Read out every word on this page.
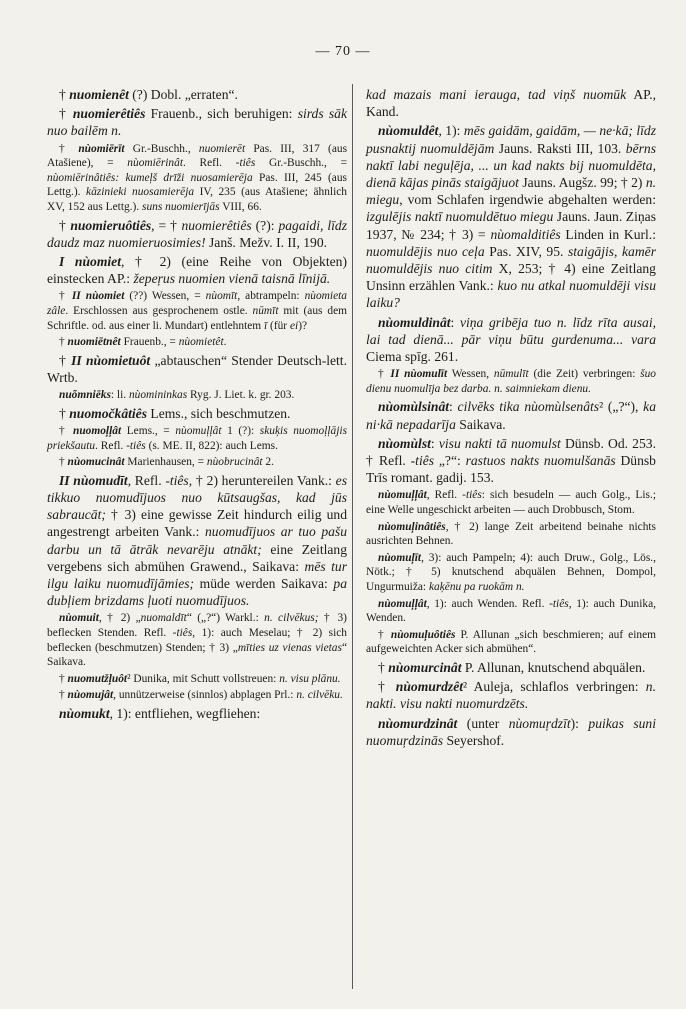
— 70 —

† nuomienêt (?) Dobl. „erraten“.

† nuomierêtiês Frauenb., sich beruhigen: sirds sāk nuo bailēm n.

† nùomiērīt Gr.-Buschh., nuomierēt Pas. III, 317 (aus Atašiene), = nùomiērinât. Refl. -tiês Gr.-Buschh., = nùomiērinâtiês: kumeļš drīži nuosamierēja Pas. III, 245 (aus Lettg.). kāzinieki nuosamierēja IV, 235 (aus Atašiene; ähnlich XV, 152 aus Lettg.). suns nuomierījās VIII, 66.

† nuomieruôtiês, = † nuomierêtiês (?): pagaidi, līdz daudz maz nuomieruosimies! Janš. Mežv. I. II, 190.

I nùomiet, † 2) (eine Reihe von Objekten) einstecken AP.: žepeŗus nuomien vienā taisnā līnijā.

† II nùomiet (??) Wessen, = nùomīt, abtrampeln: nùomieta zâle. Erschlossen aus gesprochenem ostle. nūmīt mit (aus dem Schriftle. od. aus einer li. Mundart) entlehntem ī (für ei)?

† nuomiētnêt Frauenb., = nùomietêt.

† II nùomietuôt „abtauschen“ Stender Deutsch-lett. Wrtb.

nuõmniēks: li. nùomininkas Ryg. J. Liet. k. gr. 203.

† nuomočkâtiês Lems., sich beschmutzen.

† nuomoļļât Lems., = nùomuļļât 1 (?): skuķis nuomoļļājis priekšautu. Refl. -tiês (s. ME. II, 822): auch Lems.

† nùomucinât Marienhausen, = nùobrucinât 2.

II nùomudīt, Refl. -tiês, † 2) heruntereilen Vank.: es tikkuo nuomudījuos nuo kūtsaugšas, kad jūs sabraucāt; † 3) eine gewisse Zeit hindurch eilig und angestrengt arbeiten Vank.: nuomudījuos ar tuo pašu darbu un tā ātrāk nevarēju atnākt; eine Zeitlang vergebens sich abmühen Grawend., Saikava: mēs tur ilgu laiku nuomudījāmies; müde werden Saikava: pa dubļiem brizdams ļuoti nuomudījuos.

nùomuit, † 2) „nuomaldīt“ („?“) Warkl.: n. cilvēkus; † 3) beflecken Stenden. Refl. -tiês, 1): auch Meselau; † 2) sich beflecken (beschmutzen) Stenden; † 3) „mīties uz vienas vietas“ Saikava.

† nuomutžļuôt² Dunika, mit Schutt vollstreuen: n. visu plānu.

† nùomujât, unnützerweise (sinnlos) abplagen Prl.: n. cilvēku.

nùomukt, 1): entfliehen, wegfliehen:

kad mazais mani ierauga, tad viņš nuomūk AP., Kand.

nùomuldêt, 1): mēs gaidām, gaidām, — ne·kā; līdz pusnaktij nuomuldējām Jauns. Raksti III, 103. bērns naktī labi neguļēja, ... un kad nakts bij nuomuldēta, dienā kājas pinās staigājuot Jauns. Augšz. 99; † 2) n. miegu, vom Schlafen irgendwie abgehalten werden: izgulējis naktī nuomuldētuo miegu Jauns. Jaun. Ziņas 1937, № 234; † 3) = nùomalditiês Linden in Kurl.: nuomuldējis nuo ceļa Pas. XIV, 95. staigājis, kamēr nuomuldējis nuo citim X, 253; † 4) eine Zeitlang Unsinn erzählen Vank.: kuo nu atkal nuomuldēji visu laiku?

nùomuldinât: viņa gribēja tuo n. līdz rīta ausai, lai tad dienā... pār viņu būtu gurdenuma... vara Ciema spīg. 261.

† II nùomulīt Wessen, nūmulīt (die Zeit) verbringen: šuo dienu nuomulīja bez darba. n. saimniekam dienu.

nùomùlsinât: cilvēks tika nùomùlsenâts² („?“), ka ni·kā nepadarīja Saikava.

nùomùlst: visu nakti tā nuomulst Dünsb. Od. 253. † Refl. -tiês „?“: rastuos nakts nuomulšanās Dünsb Trīs romant. gadij. 153.

nùomuļļât, Refl. -tiês: sich besudeln — auch Golg., Lis.; eine Welle ungeschickt arbeiten — auch Drobbusch, Stom.

nùomuļinâtiês, † 2) lange Zeit arbeitend beinahe nichts ausrichten Behnen.

nùomuļīt, 3): auch Pampeln; 4): auch Druw., Golg., Lös., Nötk.; † 5) knutschend abquälen Behnen, Dompol, Ungurmuiža: kaķēnu pa ruokām n.

nùomuļļât, 1): auch Wenden. Refl. -tiês, 1): auch Dunika, Wenden.

† nùomuļuôtiês P. Allunan „sich beschmieren; auf einem aufgeweichten Acker sich abmühen“.

† nùomurcinât P. Allunan, knutschend abquälen.

† nùomurdzêt² Auleja, schlaflos verbringen: n. nakti. visu nakti nuomurdzēts.

nùomurdzinât (unter nùomuŗdzīt): puikas suni nuomuŗdzinās Seyershof.
